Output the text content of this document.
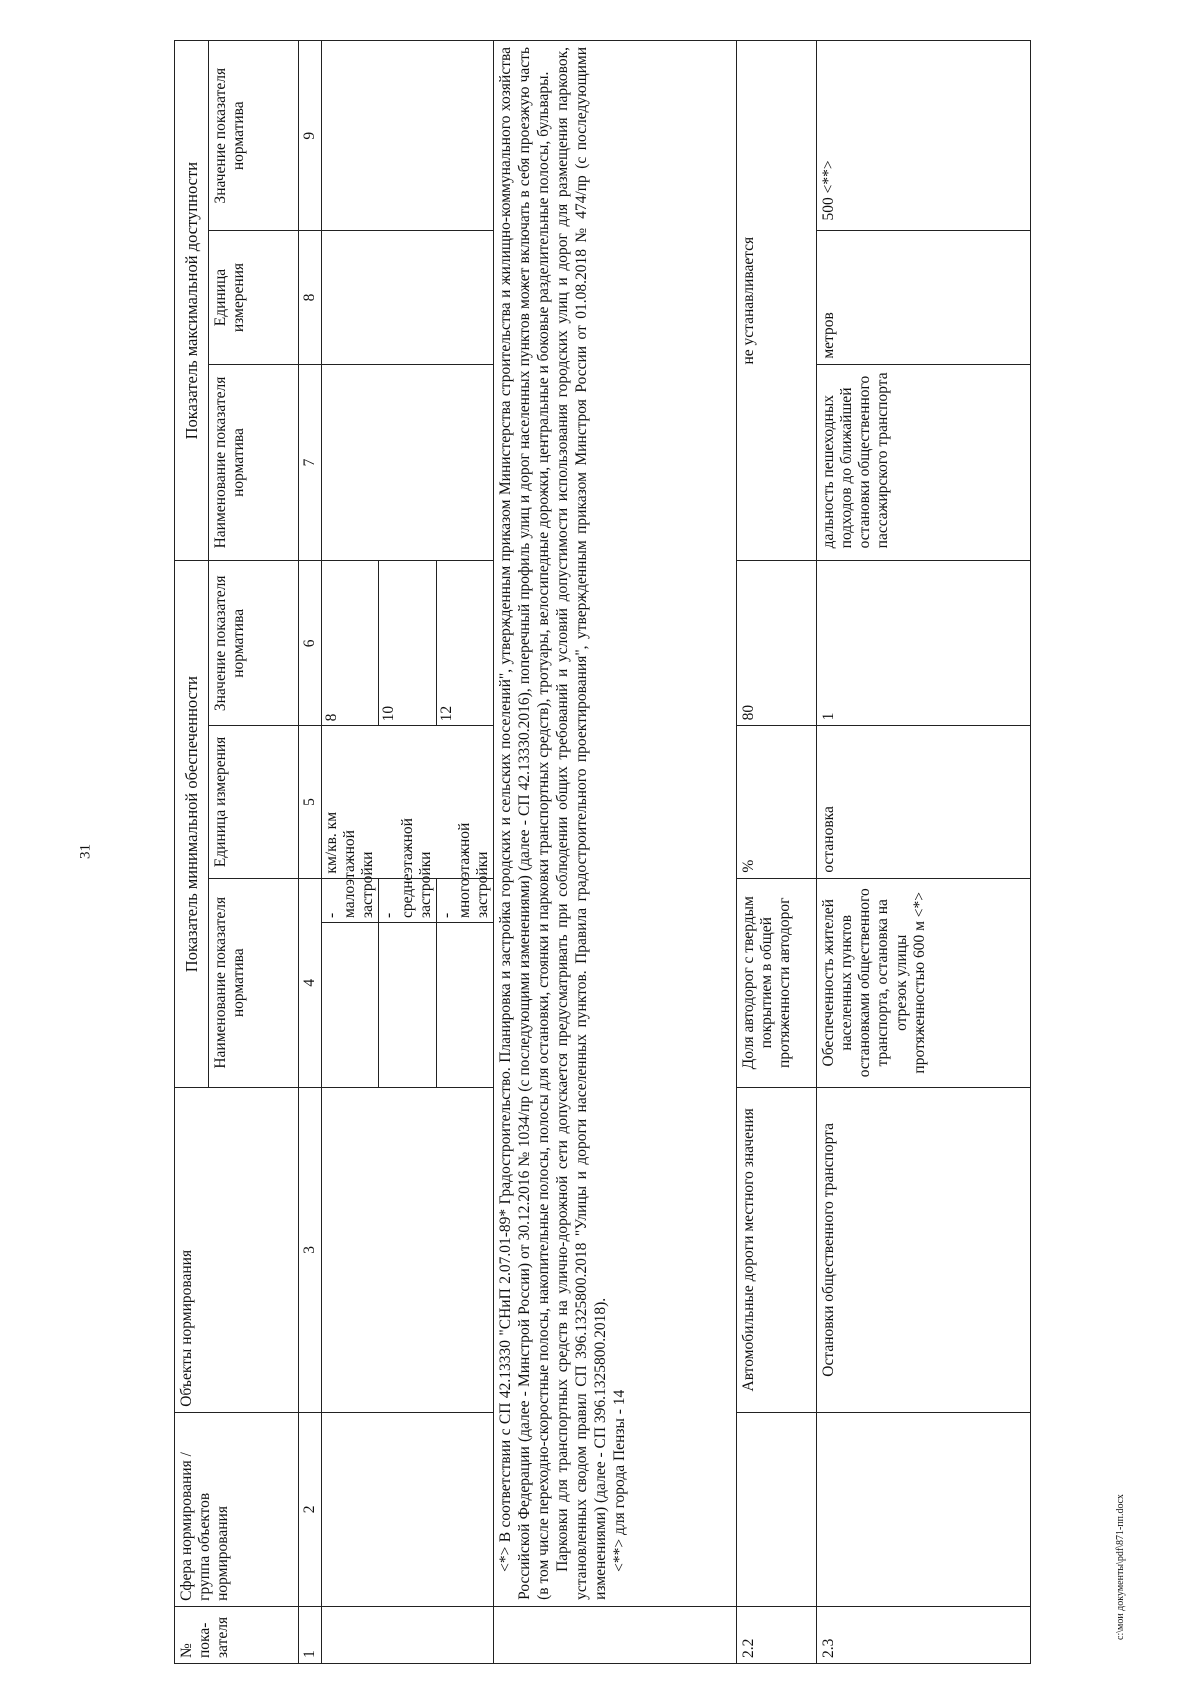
31
c:\мои документы\pdf\871-пп.docx
№ пока-зателя	Сфера нормирования / группа объектов нормирования	Объекты нормирования	Показатель минимальной обеспеченности				Показатель максимальной доступности		
			Наименование показателя норматива		Единица измерения	Значение показателя норматива	Наименование показателя норматива	Единица измерения	Значение показателя норматива
1	2	3	4		5	6	7	8	9
				- малоэтажной застройки	км/кв. км	8			
				- среднеэтажной застройки		10			
				- многоэтажной застройки		12			

	<*> В соответствии с СП 42.13330 "СНиП 2.07.01-89* Градостроительство. Планировка и застройка городских и сельских поселений", утвержденным приказом Министерства строительства и жилищно-коммунального хозяйства Российской Федерации (далее - Минстрой России) от 30.12.2016 № 1034/пр (с последующими изменениями) (далее - СП 42.13330.2016), поперечный профиль улиц и дорог населенных пунктов может включать в себя проезжую часть (в том числе переходно-скоростные полосы, накопительные полосы, полосы для остановки, стоянки и парковки транспортных средств), тротуары, велосипедные дорожки, центральные и боковые разделительные полосы, бульвары. Парковки для транспортных средств на улично-дорожной сети допускается предусматривать при соблюдении общих требований и условий допустимости использования городских улиц и дорог для размещения парковок, установленных сводом правил СП 396.1325800.2018 "Улицы и дороги населенных пунктов. Правила градостроительного проектирования", утвержденным приказом Минстроя России от 01.08.2018 № 474/пр (с последующими изменениями) (далее - СП 396.1325800.2018). <**> для города Пензы - 14								

2.2		Автомобильные дороги местного значения	Доля автодорог с твердым покрытием в общей протяженности автодорог		%	80	не устанавливается		
2.3		Остановки общественного транспорта	Обеспеченность жителей населенных пунктов остановками общественного транспорта, остановка на отрезок улицы протяженностью 600 м <*>		остановка	1	дальность пешеходных подходов до ближайшей остановки общественного пассажирского транспорта	метров	500 <**>
